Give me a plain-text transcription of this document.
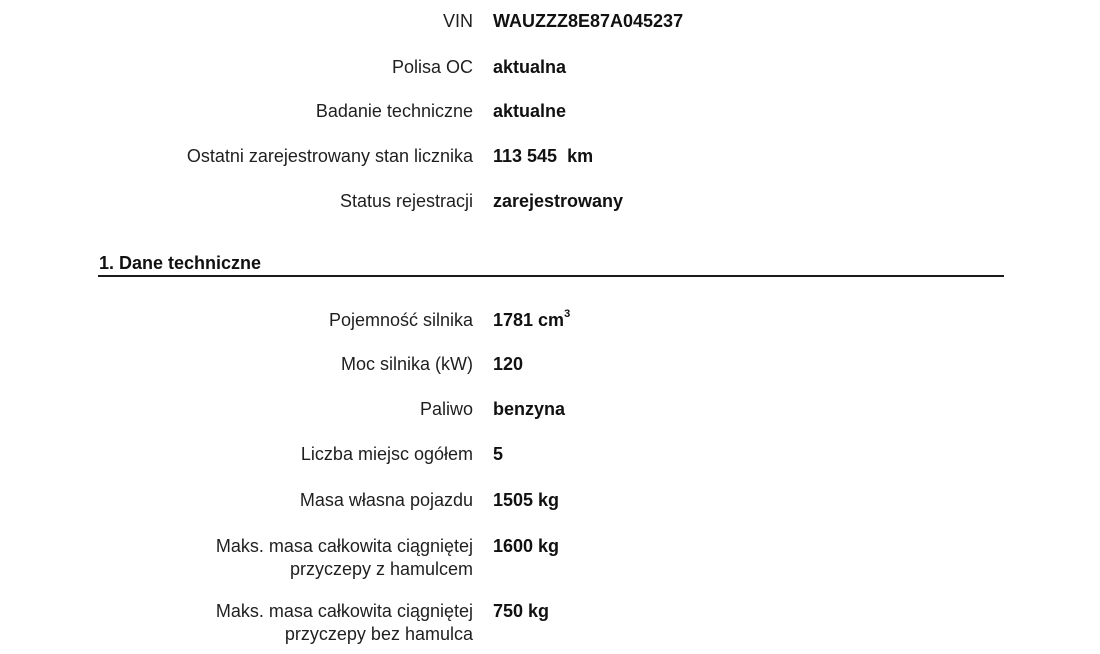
VIN WAUZZZ8E87A045237
Polisa OC aktualna
Badanie techniczne aktualne
Ostatni zarejestrowany stan licznika 113 545  km
Status rejestracji zarejestrowany
1. Dane techniczne
Pojemność silnika 1781 $cm^3$
Moc silnika (kW) 120
Paliwo benzyna
Liczba miejsc ogółem 5
Masa własna pojazdu 1505 kg
Maks. masa całkowita ciągniętej
przyczepy z hamulcem
1600 kg
Maks. masa całkowita ciągniętej
przyczepy bez hamulca
750 kg
